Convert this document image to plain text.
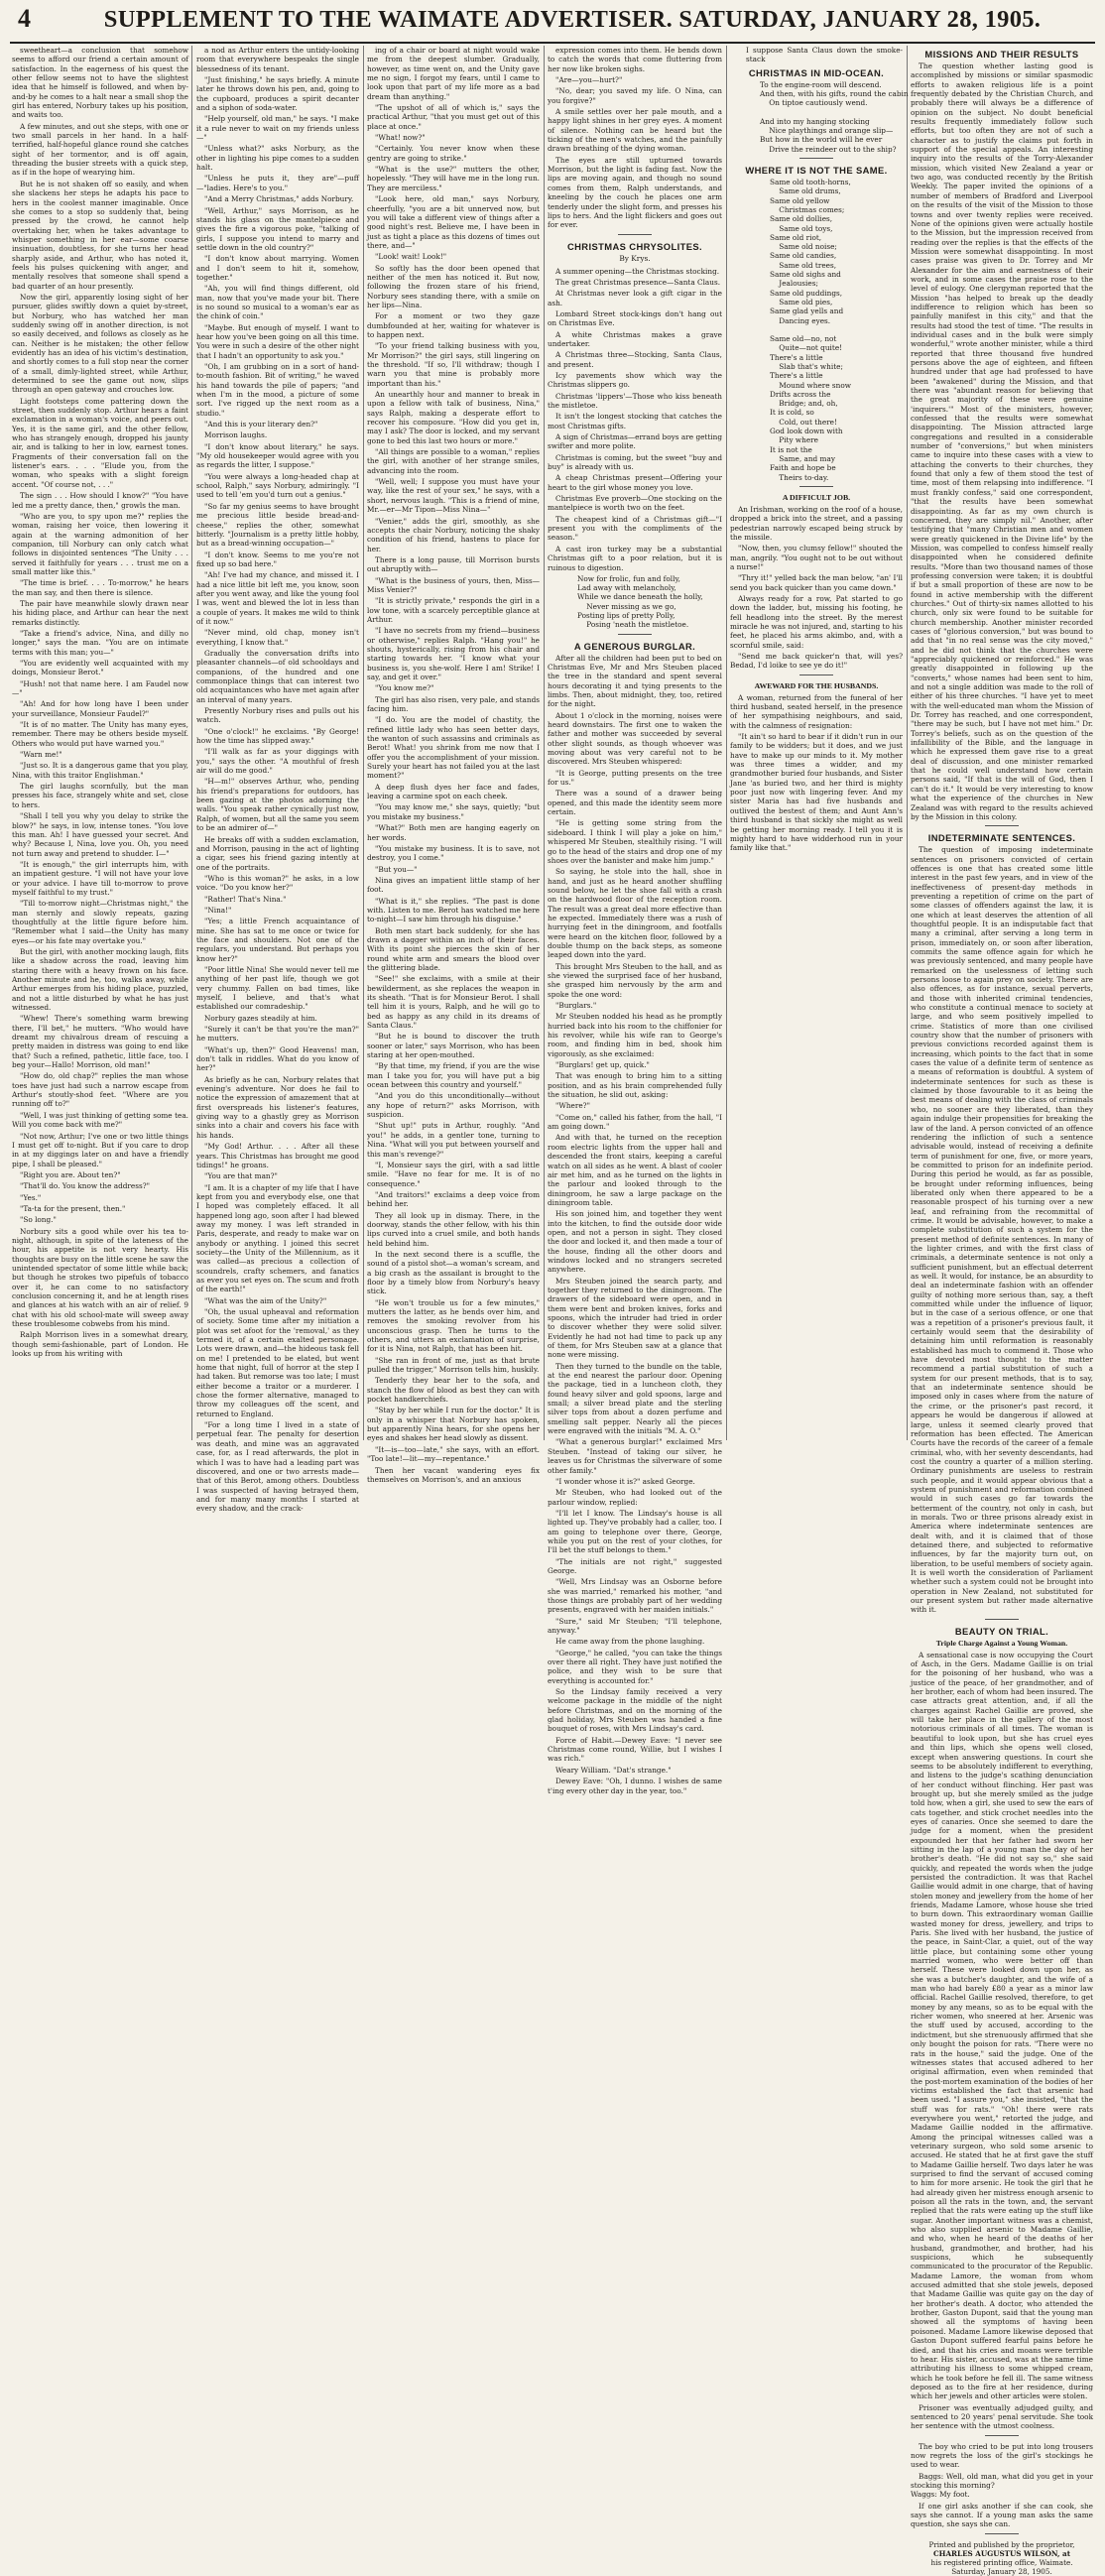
4	SUPPLEMENT TO THE WAIMATE ADVERTISER. SATURDAY, JANUARY 28, 1905.

sweetheart—a conclusion that somehow seems to afford our friend a certain amount of satisfaction. In the eagerness of his quest the other fellow seems not to have the slightest idea that he himself is followed, and when by-and-by he comes to a halt near a small shop the girl has entered, Norbury takes up his position, and waits too.

A few minutes, and out she steps, with one or two small parcels in her hand. In a half-terrified, half-hopeful glance round she catches sight of her tormentor, and is off again, threading the busier streets with a quick step, as if in the hope of wearying him.

But he is not shaken off so easily, and when she slackens her steps he adapts his pace to hers in the coolest manner imaginable. Once she comes to a stop so suddenly that, being pressed by the crowd, he cannot help overtaking her, when he takes advantage to whisper something in her ear—some coarse insinuation, doubtless, for she turns her head sharply aside, and Arthur, who has noted it, feels his pulses quickening with anger, and mentally resolves that someone shall spend a bad quarter of an hour presently.

Now the girl, apparently losing sight of her pursuer, glides swiftly down a quiet by-street, but Norbury, who has watched her man suddenly swing off in another direction, is not so easily deceived, and follows as closely as he can. Neither is he mistaken; the other fellow evidently has an idea of his victim's destination, and shortly comes to a full stop near the corner of a small, dimly-lighted street, while Arthur, determined to see the game out now, slips through an open gateway and crouches low.

Light footsteps come pattering down the street, then suddenly stop. Arthur hears a faint exclamation in a woman's voice, and peers out. Yes, it is the same girl, and the other fellow, who has strangely enough, dropped his jaunty air, and is talking to her in low, earnest tones. Fragments of their conversation fall on the listener's ears. . . . "Elude you, from the woman, who speaks with a slight foreign accent. "Of course not, . . ."

The sign . . . How should I know?" "You have led me a pretty dance, then," growls the man.

"Who are you, to spy upon me?" replies the woman, raising her voice, then lowering it again at the warning admonition of her companion, till Norbury can only catch what follows in disjointed sentences "The Unity . . . served it faithfully for years . . . trust me on a small matter like this."

"The time is brief. . . . To-morrow," he hears the man say, and then there is silence.

The pair have meanwhile slowly drawn near his hiding place, and Arthur can hear the next remarks distinctly.

"Take a friend's advice, Nina, and dilly no longer," says the man. "You are on intimate terms with this man; you—"

"You are evidently well acquainted with my doings, Monsieur Berot."

"Hush! not that name here. I am Faudel now—"

"Ah! And for how long have I been under your surveillance, Monsieur Faudel?"

"It is of no matter. The Unity has many eyes, remember. There may be others beside myself. Others who would put have warned you."

"Warn me!"

"Just so. It is a dangerous game that you play, Nina, with this traitor Englishman."

The girl laughs scornfully, but the man presses his face, strangely white and set, close to hers.

"Shall I tell you why you delay to strike the blow?" he says, in low, intense tones. "You love this man. Ah! I have guessed your secret. And why? Because I, Nina, love you. Oh, you need not turn away and pretend to shudder. I—"

"It is enough," the girl interrupts him, with an impatient gesture. "I will not have your love or your advice. I have till to-morrow to prove myself faithful to my trust."

"Till to-morrow night—Christmas night," the man sternly and slowly repeats, gazing thoughtfully at the little figure before him. "Remember what I said—the Unity has many eyes—or his fate may overtake you."

But the girl, with another mocking laugh, flits like a shadow across the road, leaving him staring there with a heavy frown on his face. Another minute and he, too, walks away, while Arthur emerges from his hiding place, puzzled, and not a little disturbed by what he has just witnessed.

"Whew! There's something warm brewing there, I'll bet," he mutters. "Who would have dreamt my chivalrous dream of rescuing a pretty maiden in distress was going to end like that? Such a refined, pathetic, little face, too. I beg your—Hallo! Morrison, old man!"

"How do, old chap?" replies the man whose toes have just had such a narrow escape from Arthur's stoutly-shod feet. "Where are you running off to?"

"Well, I was just thinking of getting some tea. Will you come back with me?"

"Not now, Arthur; I've one or two little things I must get off to-night. But if you care to drop in at my diggings later on and have a friendly pipe, I shall be pleased."

"Right you are. About ten?"

"That'll do. You know the address?"

"Yes."

"Ta-ta for the present, then."

"So long."

Norbury sits a good while over his tea to-night, although, in spite of the lateness of the hour, his appetite is not very hearty. His thoughts are busy on the little scene he saw the unintended spectator of some little while back; but though he strokes two pipefuls of tobacco over it, he can come to no satisfactory conclusion concerning it, and he at length rises and glances at his watch with an air of relief. 9 chat with his old school-mate will sweep away these troublesome cobwebs from his mind.

Ralph Morrison lives in a somewhat dreary, though semi-fashionable, part of London. He looks up from his writing with

a nod as Arthur enters the untidy-looking room that everywhere bespeaks the single blessedness of its tenant.

"Just finishing," he says briefly. A minute later he throws down his pen, and, going to the cupboard, produces a spirit decanter and a siphon of soda-water.

"Help yourself, old man," he says. "I make it a rule never to wait on my friends unless—"

"Unless what?" asks Norbury, as the other in lighting his pipe comes to a sudden halt.

"Unless he puts it, they are"—puff—"ladies. Here's to you."

"And a Merry Christmas," adds Norbury.

"Well, Arthur," says Morrison, as he stands his glass on the mantelpiece and gives the fire a vigorous poke, "talking of girls, I suppose you intend to marry and settle down in the old country?"

"I don't know about marrying. Women and I don't seem to hit it, somehow, together."

"Ah, you will find things different, old man, now that you've made your bit. There is no sound so musical to a woman's ear as the chink of coin."

"Maybe. But enough of myself. I want to hear how you've been going on all this time. You were in such a desire of the other night that I hadn't an opportunity to ask you."

"Oh, I am grubbing on in a sort of hand-to-mouth fashion. Bit of writing," he waved his hand towards the pile of papers; "and when I'm in the mood, a picture of some sort. I've rigged up the next room as a studio."

"And this is your literary den?"

Morrison laughs.

"I don't know about literary," he says. "My old housekeeper would agree with you as regards the litter, I suppose."

"You were always a long-headed chap at school, Ralph," says Norbury, admiringly. "I used to tell 'em you'd turn out a genius."

"So far my genius seems to have brought me precious little beside bread-and-cheese," replies the other, somewhat bitterly. "Journalism is a pretty little hobby, but as a bread-winning occupation—"

"I don't know. Seems to me you're not fixed up so bad here."

"Ah! I've had my chance, and missed it. I had a nice little bit left me, you know, soon after you went away, and like the young fool I was, went and blewed the lot in less than a couple of years. It makes me wild to think of it now."

"Never mind, old chap, money isn't everything, I know that."

Gradually the conversation drifts into pleasanter channels—of old schooldays and companions, of the hundred and one commonplace things that can interest two old acquaintances who have met again after an interval of many years.

Presently Norbury rises and pulls out his watch.

"One o'clock!" he exclaims. "By George! how the time has slipped away."

"I'll walk as far as your diggings with you," says the other. "A mouthful of fresh air will do me good."

"H—m!" observes Arthur, who, pending his friend's preparations for outdoors, has been gazing at the photos adorning the walls. "You speak rather cynically just now, Ralph, of women, but all the same you seem to be an admirer of—"

He breaks off with a sudden exclamation, and Morrison, pausing in the act of lighting a cigar, sees his friend gazing intently at one of the portraits.

"Who is this woman?" he asks, in a low voice. "Do you know her?"

"Rather! That's Nina."

"Nina!"

"Yes; a little French acquaintance of mine. She has sat to me once or twice for the face and shoulders. Not one of the regulars, you understand. But perhaps you know her?"

"Poor little Nina! She would never tell me anything of her past life, though we got very chummy. Fallen on bad times, like myself, I believe, and that's what established our comradeship."

Norbury gazes steadily at him.

"Surely it can't be that you're the man?" he mutters.

"What's up, then?" Good Heavens! man, don't talk in riddles. What do you know of her?"

As briefly as he can, Norbury relates that evening's adventure. Nor does he fail to notice the expression of amazement that at first overspreads his listener's features, giving way to a ghastly grey as Morrison sinks into a chair and covers his face with his hands.

"My God! Arthur. . . . After all these years. This Christmas has brought me good tidings!" he groans.

"You are that man?"

"I am. It is a chapter of my life that I have kept from you and everybody else, one that I hoped was completely effaced. It all happened long ago, soon after I had blewed away my money. I was left stranded in Paris, desperate, and ready to make war on anybody or anything. I joined this secret society—the Unity of the Millennium, as it was called—as precious a collection of scoundrels, crafty schemers, and fanatics as ever you set eyes on. The scum and froth of the earth!"

"What was the aim of the Unity?"

"Oh, the usual upheaval and reformation of society. Some time after my initiation a plot was set afoot for the 'removal,' as they termed it, of a certain exalted personage. Lots were drawn, and—the hideous task fell on me! I pretended to be elated, but went home that night, full of horror at the step I had taken. But remorse was too late; I must either become a traitor or a murderer. I chose the former alternative, managed to throw my colleagues off the scent, and returned to England.

"For a long time I lived in a state of perpetual fear. The penalty for desertion was death, and mine was an aggravated case, for, as I read afterwards, the plot in which I was to have had a leading part was discovered, and one or two arrests made—that of this Berot, among others. Doubtless I was suspected of having betrayed them, and for many many months I started at every shadow, and the crack-

ing of a chair or board at night would wake me from the deepest slumber. Gradually, however, as time went on, and the Unity gave me no sign, I forgot my fears, until I came to look upon that part of my life more as a bad dream than anything."

"The upshot of all of which is," says the practical Arthur, "that you must get out of this place at once."

"What! now?"

"Certainly. You never know when these gentry are going to strike."

"What is the use?" mutters the other, hopelessly. "They will have me in the long run. They are merciless."

"Look here, old man," says Norbury, cheerfully, "you are a bit unnerved now, but you will take a different view of things after a good night's rest. Believe me, I have been in just as tight a place as this dozens of times out there, and—"

"Look! wait! Look!"

So softly has the door been opened that neither of the men has noticed it. But now, following the frozen stare of his friend, Norbury sees standing there, with a smile on her lips—Nina.

For a moment or two they gaze dumbfounded at her, waiting for whatever is to happen next.

"To your friend talking business with you, Mr Morrison?" the girl says, still lingering on the threshold. "If so, I'll withdraw; though I warn you that mine is probably more important than his."

An unearthly hour and manner to break in upon a fellow with talk of business, Nina," says Ralph, making a desperate effort to recover his composure. "How did you get in, may I ask? The door is locked, and my servant gone to bed this last two hours or more."

"All things are possible to a woman," replies the girl, with another of her strange smiles, advancing into the room.

"Well, well; I suppose you must have your way, like the rest of your sex," he says, with a short, nervous laugh. "This is a friend of mine, Mr.—er—Mr Tipon—Miss Nina—"

"Venier," adds the girl, smoothly, as she accepts the chair Norbury, noticing the shaky condition of his friend, hastens to place for her.

There is a long pause, till Morrison bursts out abruptly with—

"What is the business of yours, then, Miss—Miss Venier?"

"It is strictly private," responds the girl in a low tone, with a scarcely perceptible glance at Arthur.

"I have no secrets from my friend—business or otherwise," replies Ralph. "Hang you!" he shouts, hysterically, rising from his chair and starting towards her. "I know what your business is, you she-wolf. Here I am! Strike! I say, and get it over."

"You know me?"

The girl has also risen, very pale, and stands facing him.

"I do. You are the model of chastity, the refined little lady who has seen better days, the wanton of such assassins and criminals as Berot! What! you shrink from me now that I offer you the accomplishment of your mission. Surely your heart has not failed you at the last moment?"

A deep flush dyes her face and fades, leaving a carmine spot on each cheek.

"You may know me," she says, quietly; "but you mistake my business."

"What?" Both men are hanging eagerly on her words.

"You mistake my business. It is to save, not destroy, you I come."

"But you—"

Nina gives an impatient little stamp of her foot.

"What is it," she replies. "The past is done with. Listen to me. Berot has watched me here to-night—I saw him through his disguise."

Both men start back suddenly, for she has drawn a dagger within an inch of their faces. With its point she pierces the skin of her round white arm and smears the blood over the glittering blade.

"See!" she exclaims, with a smile at their bewilderment, as she replaces the weapon in its sheath. "That is for Monsieur Berot. I shall tell him it is yours, Ralph, and he will go to bed as happy as any child in its dreams of Santa Claus."

"But he is bound to discover the truth sooner or later," says Morrison, who has been staring at her open-mouthed.

"By that time, my friend, if you are the wise man I take you for, you will have put a big ocean between this country and yourself."

"And you do this unconditionally—without any hope of return?" asks Morrison, with suspicion.

"Shut up!" puts in Arthur, roughly. "And you!" he adds, in a gentler tone, turning to Nina. "What will you put between yourself and this man's revenge?"

"I, Monsieur says the girl, with a sad little smile. "Have no fear for me. It is of no consequence."

"And traitors!" exclaims a deep voice from behind her.

They all look up in dismay. There, in the doorway, stands the other fellow, with his thin lips curved into a cruel smile, and both hands held behind him.

In the next second there is a scuffle, the sound of a pistol shot—a woman's scream, and a big crash as the assailant is brought to the floor by a timely blow from Norbury's heavy stick.

"He won't trouble us for a few minutes," mutters the latter, as he bends over him, and removes the smoking revolver from his unconscious grasp. Then he turns to the others, and utters an exclamation of surprise, for it is Nina, not Ralph, that has been hit.

"She ran in front of me, just as that brute pulled the trigger," Morrison tells him, huskily.

Tenderly they bear her to the sofa, and stanch the flow of blood as best they can with pocket handkerchiefs.

"Stay by her while I run for the doctor." It is only in a whisper that Norbury has spoken, but apparently Nina hears, for she opens her eyes and shakes her head slowly as dissent.

"It—is—too—late," she says, with an effort. "Too late!—lit—my—repentance."

Then her vacant wandering eyes fix themselves on Morrison's, and an anxious

expression comes into them. He bends down to catch the words that come fluttering from her now like broken sighs.

"Are—you—hurt?"

"No, dear; you saved my life. O Nina, can you forgive?"

A smile settles over her pale mouth, and a happy light shines in her grey eyes. A moment of silence. Nothing can be heard but the ticking of the men's watches, and the painfully drawn breathing of the dying woman.

The eyes are still upturned towards Morrison, but the light is fading fast. Now the lips are moving again, and though no sound comes from them, Ralph understands, and kneeling by the couch he places one arm tenderly under the slight form, and presses his lips to hers. And the light flickers and goes out for ever.

CHRISTMAS CHRYSOLITES.
By Krys.

A summer opening—the Christmas stocking.

The great Christmas presence—Santa Claus.

At Christmas never look a gift cigar in the ash.

Lombard Street stock-kings don't hang out on Christmas Eve.

A white Christmas makes a grave undertaker.

A Christmas three—Stocking, Santa Claus, and present.

Icy pavements show which way the Christmas slippers go.

Christmas 'lippers'—Those who kiss beneath the mistletoe.

It isn't the longest stocking that catches the most Christmas gifts.

A sign of Christmas—errand boys are getting swifter and more polite.

Christmas is coming, but the sweet "buy and buy" is already with us.

A cheap Christmas present—Offering your heart to the girl whose money you love.

Christmas Eve proverb—One stocking on the mantelpiece is worth two on the feet.

The cheapest kind of a Christmas gift—"I present you with the compliments of the season."

A cast iron turkey may be a substantial Christmas gift to a poor relation, but it is ruinous to digestion.

Now for frolic, fun and folly,
Lad away with melancholy,
While we dance beneath the holly,
Never missing as we go,
Posting lips of pretty Polly,
Posing 'neath the mistletoe.
A GENEROUS BURGLAR.

After all the children had been put to bed on Christmas Eve, Mr and Mrs Steuben placed the tree in the standard and spent several hours decorating it and tying presents to the limbs. Then, about midnight, they, too, retired for the night.

About 1 o'clock in the morning, noises were heard downstairs. The first one to waken the father and mother was succeeded by several other slight sounds, as though whoever was moving about was very careful not to be discovered. Mrs Steuben whispered:

"It is George, putting presents on the tree for us."

There was a sound of a drawer being opened, and this made the identity seem more certain.

"He is getting some string from the sideboard. I think I will play a joke on him," whispered Mr Steuben, stealthily rising. "I will go to the head of the stairs and drop one of my shoes over the banister and make him jump."

So saying, he stole into the hall, shoe in hand, and just as he heard another shuffling sound below, he let the shoe fall with a crash on the hardwood floor of the reception room. The result was a great deal more effective than he expected. Immediately there was a rush of hurrying feet in the diningroom, and footfalls were heard on the kitchen floor, followed by a double thump on the back steps, as someone leaped down into the yard.

This brought Mrs Steuben to the hall, and as she viewed the surprised face of her husband, she grasped him nervously by the arm and spoke the one word:

"Burglars."

Mr Steuben nodded his head as he promptly hurried back into his room to the chiffonier for his revolver, while his wife ran to George's room, and finding him in bed, shook him vigorously, as she exclaimed:

"Burglars! get up, quick."

That was enough to bring him to a sitting position, and as his brain comprehended fully the situation, he slid out, asking:

"Where?"

"Come on," called his father, from the hall, "I am going down."

And with that, he turned on the reception room electric lights from the upper hall and descended the front stairs, keeping a careful watch on all sides as he went. A blast of cooler air met him, and as he turned on the lights in the parlour and looked through to the diningroom, he saw a large package on the diningroom table.

His son joined him, and together they went into the kitchen, to find the outside door wide open, and not a person in sight. They closed the door and locked it, and then made a tour of the house, finding all the other doors and windows locked and no strangers secreted anywhere.

Mrs Steuben joined the search party, and together they returned to the diningroom. The drawers of the sideboard were open, and in them were bent and broken knives, forks and spoons, which the intruder had tried in order to discover whether they were solid silver. Evidently he had not had time to pack up any of them, for Mrs Steuben saw at a glance that none were missing.

Then they turned to the bundle on the table, at the end nearest the parlour door. Opening the package, tied in a luncheon cloth, they found heavy silver and gold spoons, large and small; a silver bread plate and the sterling silver tops from about a dozen perfume and smelling salt pepper. Nearly all the pieces were engraved with the initials "M. A. O."

"What a generous burglar!" exclaimed Mrs Steuben. "Instead of taking our silver, he leaves us for Christmas the silverware of some other family."

"I wonder whose it is?" asked George.

Mr Steuben, who had looked out of the parlour window, replied:

"I'll let I know. The Lindsay's house is all lighted up. They've probably had a caller, too. I am going to telephone over there, George, while you put on the rest of your clothes, for I'll bet the stuff belongs to them."

"The initials are not right," suggested George.

"Well, Mrs Lindsay was an Osborne before she was married," remarked his mother, "and those things are probably part of her wedding presents, engraved with her maiden initials."

"Sure," said Mr Steuben; "I'll telephone, anyway."

He came away from the phone laughing.

"George," he called, "you can take the things over there all right. They have just notified the police, and they wish to be sure that everything is accounted for."

So the Lindsay family received a very welcome package in the middle of the night before Christmas, and on the morning of the glad holiday, Mrs Steuben was handed a fine bouquet of roses, with Mrs Lindsay's card.

Force of Habit.—Dewey Eave: "I never see Christmas come round, Willie, but I wishes I was rich."

Weary William. "Dat's strange."

Dewey Eave: "Oh, I dunno. I wishes de same t'ing every other day in the year, too."

I suppose Santa Claus down the smoke-stack

CHRISTMAS IN MID-OCEAN.
To the engine-room will descend.
And then, with his gifts, round the cabin
On tiptoe cautiously wend.

And into my hanging stocking
Nice playthings and orange slip—
But how in the world will he ever
Drive the reindeer out to the ship?
WHERE IT IS NOT THE SAME.
Same old tooth-horns,
Same old drums,
Same old yellow
Christmas comes;
Same old dollies,
Same old toys,
Same old riot,
Same old noise;
Same old candies,
Same old trees,
Same old sighs and
Jealousies;
Same old puddings,
Same old pies,
Same glad yells and
Dancing eyes.

Same old—no, not
Quite—not quite!
There's a little
Slab that's white;
There's a little
Mound where snow
Drifts across the
Bridge; and, oh,
It is cold, so
Cold, out there!
God look down with
Pity where
It is not the
Same, and may
Faith and hope be
Theirs to-day.
A DIFFICULT JOB.

An Irishman, working on the roof of a house, dropped a brick into the street, and a passing pedestrian narrowly escaped being struck by the missile.

"Now, then, you clumsy fellow!" shouted the man, angrily. "You ought not to be out without a nurse!"

"Thry it!" yelled back the man below, "an' I'll send you back quicker than you came down."

Always ready for a row, Pat started to go down the ladder, but, missing his footing, he fell headlong into the street. By the merest miracle he was not injured, and, starting to his feet, he placed his arms akimbo, and, with a scornful smile, said:

"Send me back quicker'n that, will yes? Bedad, I'd loike to see ye do it!"

AWEWARD FOR THE HUSBANDS.

A woman, returned from the funeral of her third husband, seated herself, in the presence of her sympathising neighbours, and said, with the calmness of resignation:

"It ain't so hard to bear if it didn't run in our family to be widders; but it does, and we just have to make up our minds to it. My mother was three times a widder, and my grandmother buried four husbands, and Sister Jane 'as buried two, and her third is mighty poor just now with lingering fever. And my sister Maria has had five husbands and outlived the bestest of them; and Aunt Ann's third husband is that sickly she might as well be getting her morning ready. I tell you it is mighty hard to have widderhood run in your family like that."

MISSIONS AND THEIR RESULTS

The question whether lasting good is accomplished by missions or similar spasmodic efforts to awaken religious life is a point frequently debated by the Christian Church, and probably there will always be a difference of opinion on the subject. No doubt beneficial results frequently immediately follow such efforts, but too often they are not of such a character as to justify the claims put forth in support of the special appeals. An interesting inquiry into the results of the Torry-Alexander mission, which visited New Zealand a year or two ago, was conducted recently by the British Weekly. The paper invited the opinions of a number of members of Bradford and Liverpool on the results of the visit of the Mission to those towns and over twenty replies were received. None of the opinions given were actually hostile to the Mission, but the impression received from reading over the replies is that the effects of the Mission were somewhat disappointing. In most cases praise was given to Dr. Torrey and Mr Alexander for the aim and earnestness of their work, and in some cases the praise rose to the level of eulogy. One clergyman reported that the Mission "has helped to break up the deadly indifference to religion which has been so painfully manifest in this city," and that the results had stood the test of time. "The results in individual cases and in the bulk were simply wonderful," wrote another minister, while a third reported that three thousand five hundred persons above the age of eighteen, and fifteen hundred under that age had professed to have been "awakened" during the Mission, and that there was "abundant reason for believing that the great majority of these were genuine 'inquirers.'" Most of the ministers, however, confessed that the results were somewhat disappointing. The Mission attracted large congregations and resulted in a considerable number of "conversions," but when ministers came to inquire into these cases with a view to attaching the converts to their churches, they found that only a few of them stood the test of time, most of them relapsing into indifference. "I must frankly confess," said one correspondent, "that the results have been somewhat disappointing. As far as my own church is concerned, they are simply nil." Another, after testifying that "many Christian men and women were greatly quickened in the Divine life" by the Mission, was compelled to confess himself really disappointed when he considered definite results. "More than two thousand names of those professing conversion were taken; it is doubtful if but a small proportion of these are now to be found in active membership with the different churches." Out of thirty-six names allotted to his church, only six were found to be suitable for church membership. Another minister recorded cases of "glorious conversion," but was bound to add that "in no real sense was the city moved," and he did not think that the churches were "appreciably quickened or reinforced." He was greatly disappointed in following up the "converts," whose names had been sent to him, and not a single addition was made to the roll of either of his three churches. "I have yet to meet with the well-educated man whom the Mission of Dr. Torrey has reached, and one correspondent, "there may be such, but I have not met him." Dr. Torrey's beliefs, such as on the question of the infallibility of the Bible, and the language in which he expressed them gave rise to a great deal of discussion, and one minister remarked that he could well understand how certain persons said, "If that is the will of God, then I can't do it." It would be very interesting to know what the experience of the churches in New Zealand was with regard to the results achieved by the Mission in this colony.

INDETERMINATE SENTENCES.

The question of imposing indeterminate sentences on prisoners convicted of certain offences is one that has created some little interest in the past few years, and in view of the ineffectiveness of present-day methods in preventing a repetition of crime on the part of some classes of offenders against the law, it is one which at least deserves the attention of all thoughtful people. It is an indisputable fact that many a criminal, after serving a long term in prison, immediately on, or soon after liberation, commits the same offence again for which he was previously sentenced, and many people have remarked on the uselessness of letting such persons loose to again prey on society. There are also offences, as for instance, sexual perverts, and those with inherited criminal tendencies, who constitute a continual menace to society at large, and who seem positively impelled to crime. Statistics of more than one civilised country show that the number of prisoners with previous convictions recorded against them is increasing, which points to the fact that in some cases the value of a definite term of sentence as a means of reformation is doubtful. A system of indeterminate sentences for such as these is claimed by those favourable to it as being the best means of dealing with the class of criminals who, no sooner are they liberated, than they again indulge their propensities for breaking the law of the land. A person convicted of an offence rendering the infliction of such a sentence advisable would, instead of receiving a definite term of punishment for one, five, or more years, be committed to prison for an indefinite period. During this period he would, as far as possible, be brought under reforming influences, being liberated only when there appeared to be a reasonable prospect of his turning over a new leaf, and refraining from the recommittal of crime. It would be advisable, however, to make a complete substitution of such a system for the present method of definite sentences. In many of the lighter crimes, and with the first class of criminals, a determinate sentence is not only a sufficient punishment, but an effectual deterrent as well. It would, for instance, be an absurdity to deal an indeterminate fashion with an offender guilty of nothing more serious than, say, a theft committed while under the influence of liquor, but in the case of a serious offence, or one that was a repetition of a prisoner's previous fault, it certainly would seem that the desirability of detaining him until reformation is reasonably established has much to commend it. Those who have devoted most thought to the matter recommend a partial substitution of such a system for our present methods, that is to say, that an indeterminate sentence should be imposed only in cases where from the nature of the crime, or the prisoner's past record, it appears he would be dangerous if allowed at large, unless it seemed clearly proved that reformation has been effected. The American Courts have the records of the career of a female criminal, who, with her seventy descendants, had cost the country a quarter of a million sterling. Ordinary punishments are useless to restrain such people, and it would appear obvious that a system of punishment and reformation combined would in such cases go far towards the betterment of the country, not only in cash, but in morals. Two or three prisons already exist in America where indeterminate sentences are dealt with, and it is claimed that of those detained there, and subjected to reformative influences, by far the majority turn out, on liberation, to be useful members of society again. It is well worth the consideration of Parliament whether such a system could not be brought into operation in New Zealand, not substituted for our present system but rather made alternative with it.

BEAUTY ON TRIAL.
Triple Charge Against a Young Woman.

A sensational case is now occupying the Court of Asch, in the Gers. Madame Gaillie is on trial for the poisoning of her husband, who was a justice of the peace, of her grandmother, and of her brother, each of whom had been insured. The case attracts great attention, and, if all the charges against Rachel Gaillie are proved, she will take her place in the gallery of the most notorious criminals of all times. The woman is beautiful to look upon, but she has cruel eyes and thin lips, which she opens well closed, except when answering questions. In court she seems to be absolutely indifferent to everything, and listens to the judge's scathing denunciation of her conduct without flinching. Her past was brought up, but she merely smiled as the judge told how, when a girl, she used to sew the ears of cats together, and stick crochet needles into the eyes of canaries. Once she seemed to dare the judge for a moment, when the president expounded her that her father had sworn her sitting in the lap of a young man the day of her brother's death. "He did not say so," she said quickly, and repeated the words when the judge persisted the contradiction. It was that Rachel Gaillie would admit in one charge, that of having stolen money and jewellery from the home of her friends, Madame Lamore, whose house she tried to burn down. This extraordinary woman Gaillie wasted money for dress, jewellery, and trips to Paris. She lived with her husband, the justice of the peace, in Saint-Clar, a quiet, out of the way little place, but containing some other young married women, who were better off than herself. These were looked down upon her, as she was a butcher's daughter, and the wife of a man who had barely £80 a year as a minor law official. Rachel Gaillie resolved, therefore, to get money by any means, so as to be equal with the richer women, who sneered at her. Arsenic was the stuff used by accused, according to the indictment, but she strenuously affirmed that she only bought the poison for rats. "There were no rats in the house," said the judge. One of the witnesses states that accused adhered to her original affirmation, even when reminded that the post-mortem examination of the bodies of her victims established the fact that arsenic had been used. "I assure you," she insisted, "that the stuff was for rats." "Oh! there were rats everywhere you went," retorted the judge, and Madame Gaillie nodded in the affirmative. Among the principal witnesses called was a veterinary surgeon, who sold some arsenic to accused. He stated that he at first gave the stuff to Madame Gaillie herself. Two days later he was surprised to find the servant of accused coming to him for more arsenic. He took the girl that he had already given her mistress enough arsenic to poison all the rats in the town, and, the servant replied that the rats were eating up the stuff like sugar. Another important witness was a chemist, who also supplied arsenic to Madame Gaillie, and who, when he heard of the deaths of her husband, grandmother, and brother, had his suspicions, which he subsequently communicated to the procurator of the Republic. Madame Lamore, the woman from whom accused admitted that she stole jewels, deposed that Madame Gaillie was quite gay on the day of her brother's death. A doctor, who attended the brother, Gaston Dupont, said that the young man showed all the symptoms of having been poisoned. Madame Lamore likewise deposed that Gaston Dupont suffered fearful pains before he died, and that his cries and moans were terrible to hear. His sister, accused, was at the same time attributing his illness to some whipped cream, which he took before he fell ill. The same witness deposed as to the fire at her residence, during which her jewels and other articles were stolen.

Prisoner was eventually adjudged guilty, and sentenced to 20 years' penal servitude. She took her sentence with the utmost coolness.

The boy who cried to be put into long trousers now regrets the loss of the girl's stockings he used to wear.

Baggs: Well, old man, what did you get in your stocking this morning?
Waggs: My foot.

If one girl asks another if she can cook, she says she cannot. If a young man asks the same question, she says she can.

Printed and published by the proprietor,
CHARLES AUGUSTUS WILSON, at
his registered printing office, Waimate.
Saturday, January 28, 1905.
